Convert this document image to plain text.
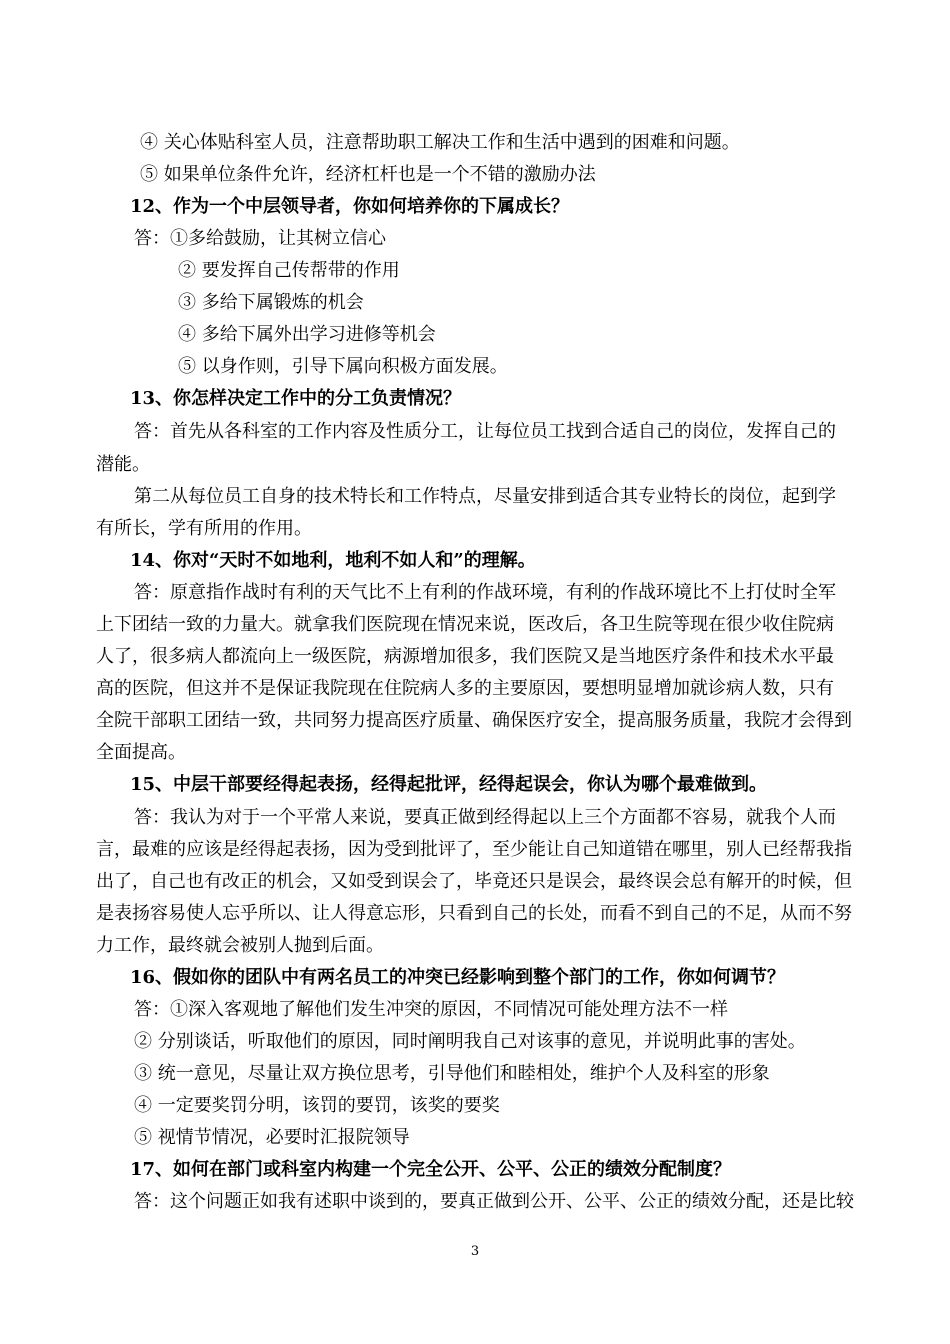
④ 关心体贴科室人员，注意帮助职工解决工作和生活中遇到的困难和问题。
⑤ 如果单位条件允许，经济杠杆也是一个不错的激励办法
12、作为一个中层领导者，你如何培养你的下属成长？
答：①多给鼓励，让其树立信心
② 要发挥自己传帮带的作用
③ 多给下属锻炼的机会
④ 多给下属外出学习进修等机会
⑤ 以身作则，引导下属向积极方面发展。
13、你怎样决定工作中的分工负责情况？
答：首先从各科室的工作内容及性质分工，让每位员工找到合适自己的岗位，发挥自己的
潜能。
第二从每位员工自身的技术特长和工作特点，尽量安排到适合其专业特长的岗位，起到学
有所长，学有所用的作用。
14、你对“天时不如地利，地利不如人和”的理解。
答：原意指作战时有利的天气比不上有利的作战环境，有利的作战环境比不上打仗时全军
上下团结一致的力量大。就拿我们医院现在情况来说，医改后，各卫生院等现在很少收住院病
人了，很多病人都流向上一级医院，病源增加很多，我们医院又是当地医疗条件和技术水平最
高的医院，但这并不是保证我院现在住院病人多的主要原因，要想明显增加就诊病人数，只有
全院干部职工团结一致，共同努力提高医疗质量、确保医疗安全，提高服务质量，我院才会得到
全面提高。
15、中层干部要经得起表扬，经得起批评，经得起误会，你认为哪个最难做到。
答：我认为对于一个平常人来说，要真正做到经得起以上三个方面都不容易，就我个人而
言，最难的应该是经得起表扬，因为受到批评了，至少能让自己知道错在哪里，别人已经帮我指
出了，自己也有改正的机会，又如受到误会了，毕竟还只是误会，最终误会总有解开的时候，但
是表扬容易使人忘乎所以、让人得意忘形，只看到自己的长处，而看不到自己的不足，从而不努
力工作，最终就会被别人抛到后面。
16、假如你的团队中有两名员工的冲突已经影响到整个部门的工作，你如何调节？
答：①深入客观地了解他们发生冲突的原因，不同情况可能处理方法不一样
② 分别谈话，听取他们的原因，同时阐明我自己对该事的意见，并说明此事的害处。
③ 统一意见，尽量让双方换位思考，引导他们和睦相处，维护个人及科室的形象
④ 一定要奖罚分明，该罚的要罚，该奖的要奖
⑤ 视情节情况，必要时汇报院领导
17、如何在部门或科室内构建一个完全公开、公平、公正的绩效分配制度？
答：这个问题正如我有述职中谈到的，要真正做到公开、公平、公正的绩效分配，还是比较
3
